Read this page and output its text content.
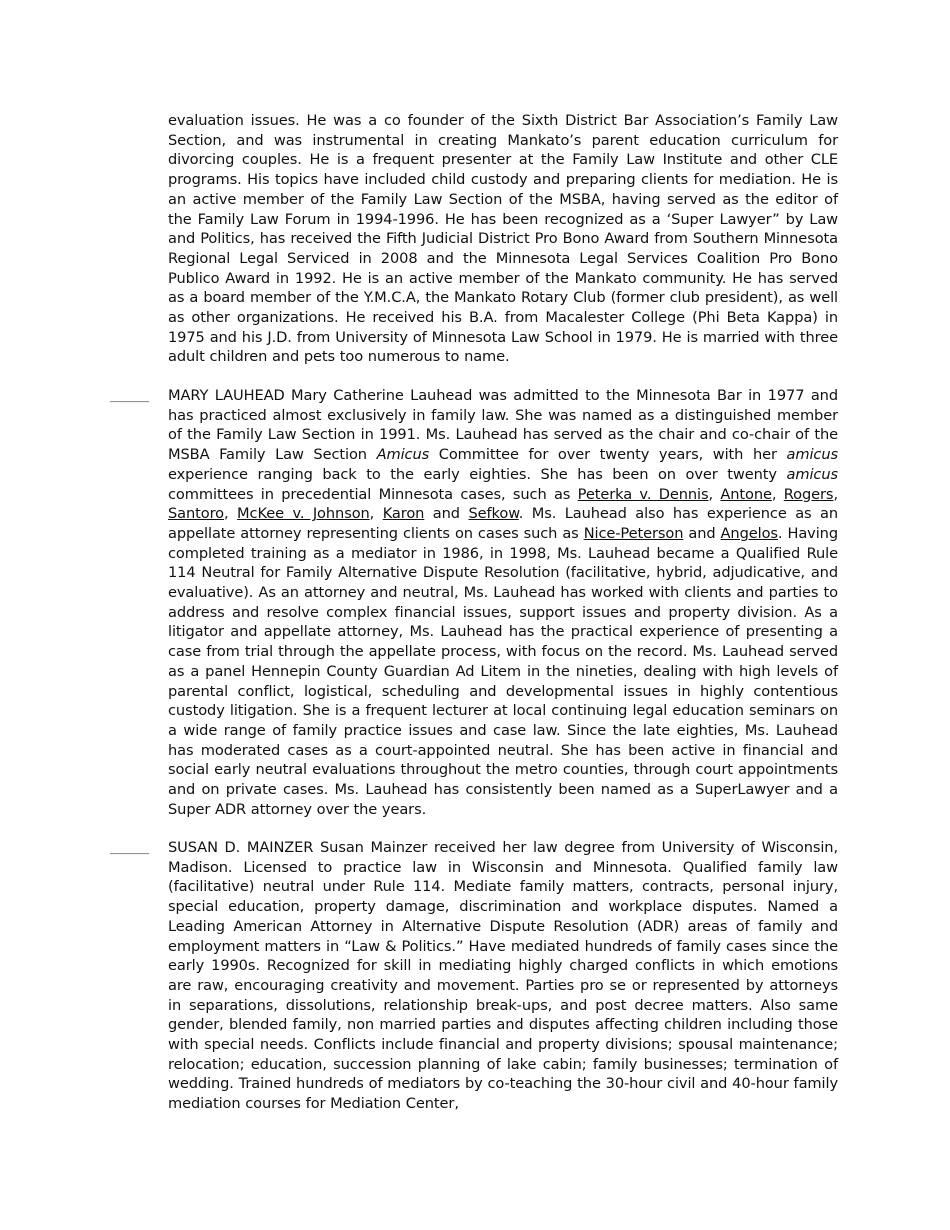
evaluation issues. He was a co founder of the Sixth District Bar Association’s Family Law Section, and was instrumental in creating Mankato’s parent education curriculum for divorcing couples. He is a frequent presenter at the Family Law Institute and other CLE programs. His topics have included child custody and preparing clients for mediation. He is an active member of the Family Law Section of the MSBA, having served as the editor of the Family Law Forum in 1994-1996. He has been recognized as a ‘Super Lawyer” by Law and Politics, has received the Fifth Judicial District Pro Bono Award from Southern Minnesota Regional Legal Serviced in 2008 and the Minnesota Legal Services Coalition Pro Bono Publico Award in 1992. He is an active member of the Mankato community. He has served as a board member of the Y.M.C.A, the Mankato Rotary Club (former club president), as well as other organizations. He received his B.A. from Macalester College (Phi Beta Kappa) in 1975 and his J.D. from University of Minnesota Law School in 1979. He is married with three adult children and pets too numerous to name.
_____	MARY LAUHEAD Mary Catherine Lauhead was admitted to the Minnesota Bar in 1977 and has practiced almost exclusively in family law. She was named as a distinguished member of the Family Law Section in 1991. Ms. Lauhead has served as the chair and co-chair of the MSBA Family Law Section Amicus Committee for over twenty years, with her amicus experience ranging back to the early eighties. She has been on over twenty amicus committees in precedential Minnesota cases, such as Peterka v. Dennis, Antone, Rogers, Santoro, McKee v. Johnson, Karon and Sefkow. Ms. Lauhead also has experience as an appellate attorney representing clients on cases such as Nice-Peterson and Angelos. Having completed training as a mediator in 1986, in 1998, Ms. Lauhead became a Qualified Rule 114 Neutral for Family Alternative Dispute Resolution (facilitative, hybrid, adjudicative, and evaluative). As an attorney and neutral, Ms. Lauhead has worked with clients and parties to address and resolve complex financial issues, support issues and property division. As a litigator and appellate attorney, Ms. Lauhead has the practical experience of presenting a case from trial through the appellate process, with focus on the record. Ms. Lauhead served as a panel Hennepin County Guardian Ad Litem in the nineties, dealing with high levels of parental conflict, logistical, scheduling and developmental issues in highly contentious custody litigation. She is a frequent lecturer at local continuing legal education seminars on a wide range of family practice issues and case law. Since the late eighties, Ms. Lauhead has moderated cases as a court-appointed neutral. She has been active in financial and social early neutral evaluations throughout the metro counties, through court appointments and on private cases. Ms. Lauhead has consistently been named as a SuperLawyer and a Super ADR attorney over the years.
_____	SUSAN D. MAINZER Susan Mainzer received her law degree from University of Wisconsin, Madison. Licensed to practice law in Wisconsin and Minnesota. Qualified family law (facilitative) neutral under Rule 114. Mediate family matters, contracts, personal injury, special education, property damage, discrimination and workplace disputes. Named a Leading American Attorney in Alternative Dispute Resolution (ADR) areas of family and employment matters in “Law & Politics.” Have mediated hundreds of family cases since the early 1990s. Recognized for skill in mediating highly charged conflicts in which emotions are raw, encouraging creativity and movement. Parties pro se or represented by attorneys in separations, dissolutions, relationship break-ups, and post decree matters. Also same gender, blended family, non married parties and disputes affecting children including those with special needs. Conflicts include financial and property divisions; spousal maintenance; relocation; education, succession planning of lake cabin; family businesses; termination of wedding. Trained hundreds of mediators by co-teaching the 30-hour civil and 40-hour family mediation courses for Mediation Center,
